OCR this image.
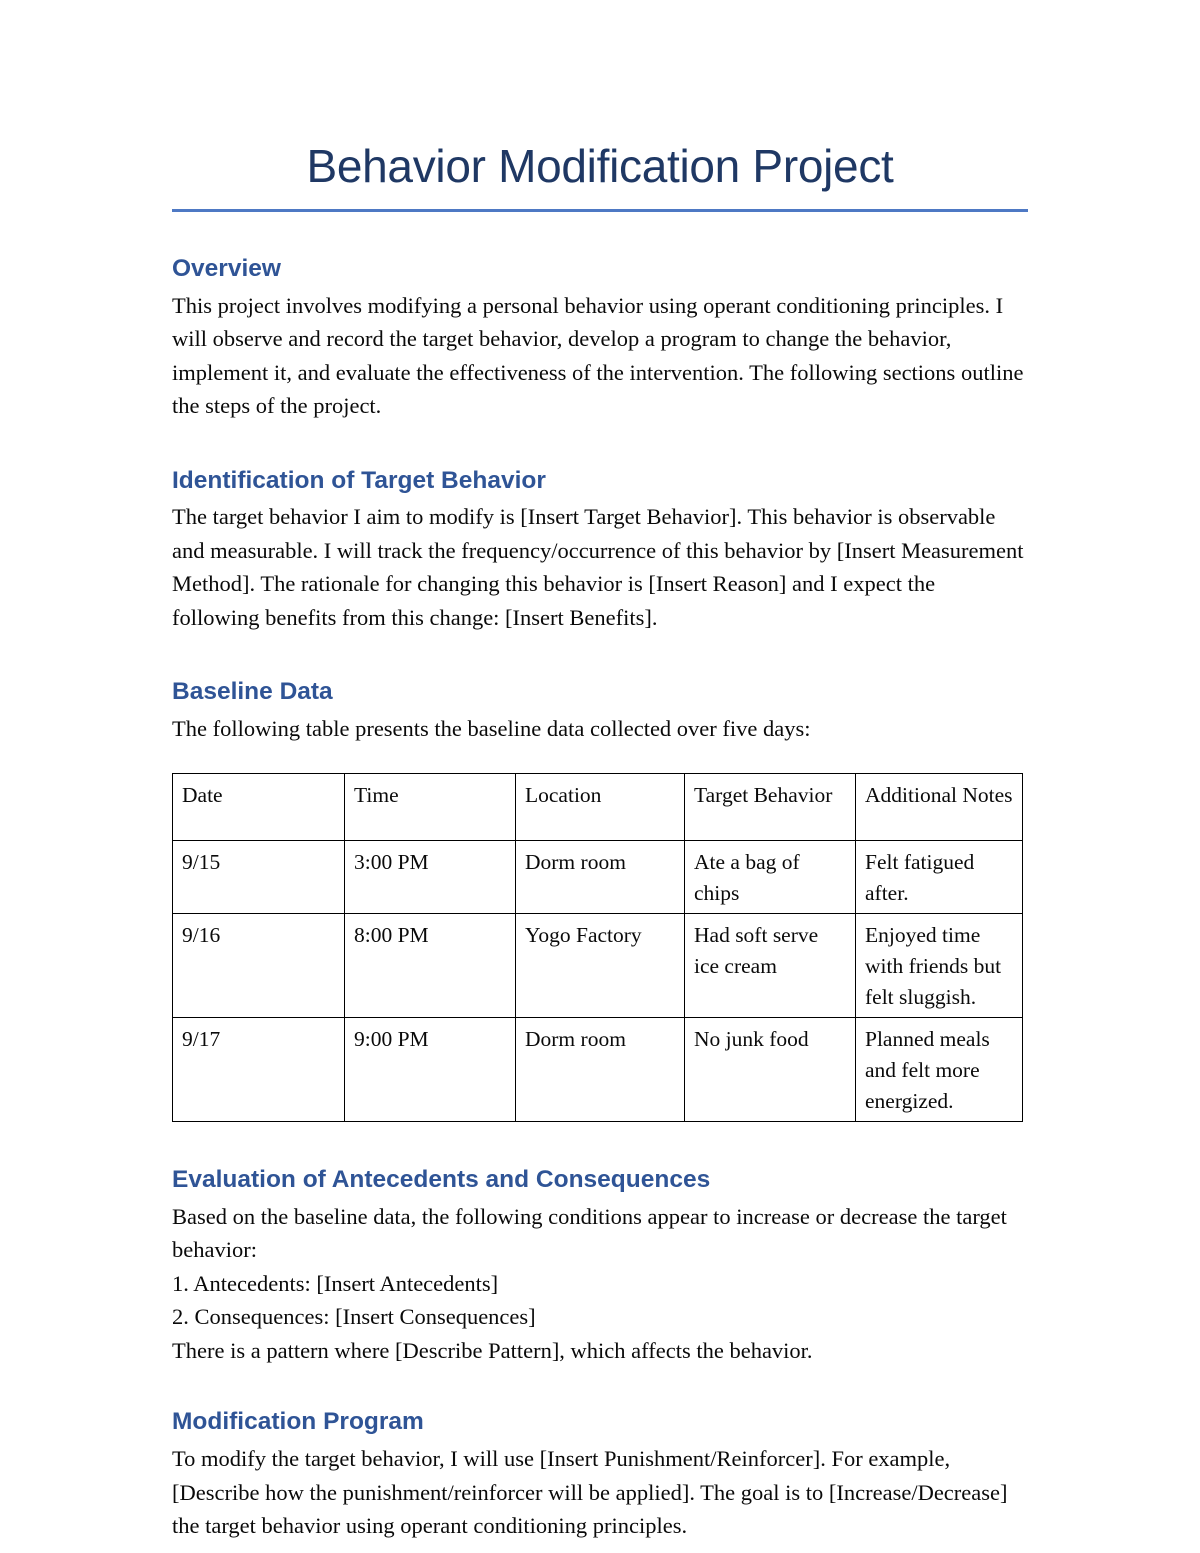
Behavior Modification Project
Overview

This project involves modifying a personal behavior using operant conditioning principles. I will observe and record the target behavior, develop a program to change the behavior, implement it, and evaluate the effectiveness of the intervention. The following sections outline the steps of the project.

Identification of Target Behavior

The target behavior I aim to modify is [Insert Target Behavior]. This behavior is observable and measurable. I will track the frequency/occurrence of this behavior by [Insert Measurement Method]. The rationale for changing this behavior is [Insert Reason] and I expect the following benefits from this change: [Insert Benefits].

Baseline Data

The following table presents the baseline data collected over five days:

Date	Time	Location	Target Behavior	Additional Notes
9/15	3:00 PM	Dorm room	Ate a bag of chips	Felt fatigued after.
9/16	8:00 PM	Yogo Factory	Had soft serve ice cream	Enjoyed time with friends but felt sluggish.
9/17	9:00 PM	Dorm room	No junk food	Planned meals and felt more energized.
Evaluation of Antecedents and Consequences

Based on the baseline data, the following conditions appear to increase or decrease the target behavior:

1. Antecedents: [Insert Antecedents]

2. Consequences: [Insert Consequences]

There is a pattern where [Describe Pattern], which affects the behavior.

Modification Program

To modify the target behavior, I will use [Insert Punishment/Reinforcer]. For example, [Describe how the punishment/reinforcer will be applied]. The goal is to [Increase/Decrease] the target behavior using operant conditioning principles.
